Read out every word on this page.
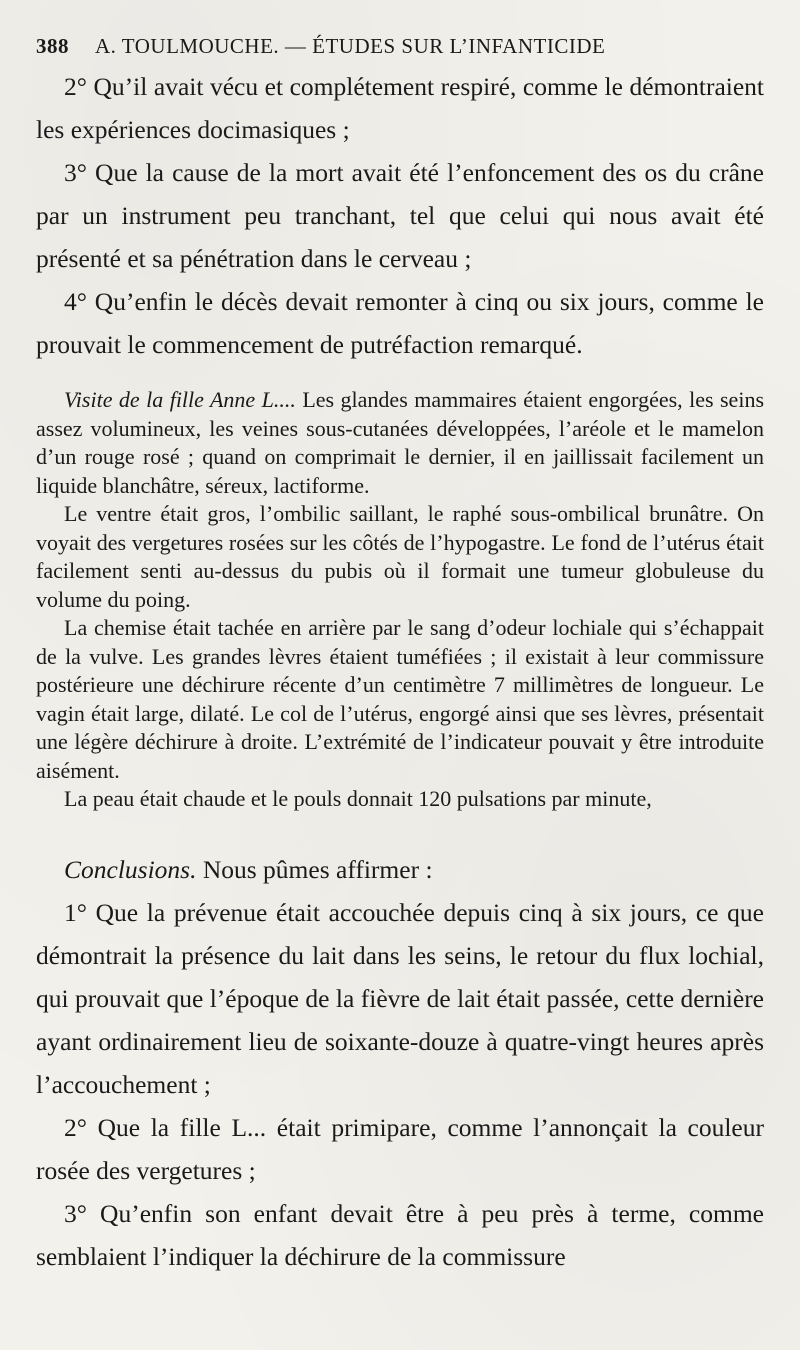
388 A. TOULMOUCHE. — ÉTUDES SUR L’INFANTICIDE

2° Qu’il avait vécu et complétement respiré, comme le démontraient les expériences docimasiques ;

3° Que la cause de la mort avait été l’enfoncement des os du crâne par un instrument peu tranchant, tel que celui qui nous avait été présenté et sa pénétration dans le cerveau ;

4° Qu’enfin le décès devait remonter à cinq ou six jours, comme le prouvait le commencement de putréfaction remarqué.

Visite de la fille Anne L.... Les glandes mammaires étaient engorgées, les seins assez volumineux, les veines sous-cutanées développées, l’aréole et le mamelon d’un rouge rosé ; quand on comprimait le dernier, il en jaillissait facilement un liquide blanchâtre, séreux, lactiforme.

Le ventre était gros, l’ombilic saillant, le raphé sous-ombilical brunâtre. On voyait des vergetures rosées sur les côtés de l’hypogastre. Le fond de l’utérus était facilement senti au-dessus du pubis où il formait une tumeur globuleuse du volume du poing.

La chemise était tachée en arrière par le sang d’odeur lochiale qui s’échappait de la vulve. Les grandes lèvres étaient tuméfiées ; il existait à leur commissure postérieure une déchirure récente d’un centimètre 7 millimètres de longueur. Le vagin était large, dilaté. Le col de l’utérus, engorgé ainsi que ses lèvres, présentait une légère déchirure à droite. L’extrémité de l’indicateur pouvait y être introduite aisément.

La peau était chaude et le pouls donnait 120 pulsations par minute,

Conclusions. Nous pûmes affirmer :

1° Que la prévenue était accouchée depuis cinq à six jours, ce que démontrait la présence du lait dans les seins, le retour du flux lochial, qui prouvait que l’époque de la fièvre de lait était passée, cette dernière ayant ordinairement lieu de soixante-douze à quatre-vingt heures après l’accouchement ;

2° Que la fille L... était primipare, comme l’annonçait la couleur rosée des vergetures ;

3° Qu’enfin son enfant devait être à peu près à terme, comme semblaient l’indiquer la déchirure de la commissure
